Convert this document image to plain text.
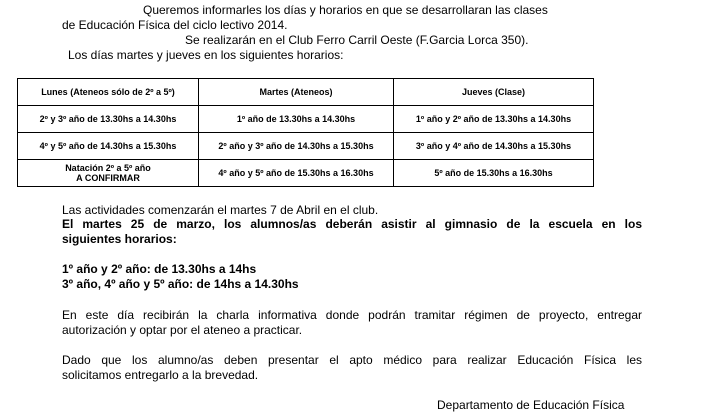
Queremos informarles los días y horarios en que se desarrollaran las clases
de Educación Física del ciclo lectivo 2014.
Se realizarán en el Club Ferro Carril Oeste (F.Garcia Lorca 350).
Los días martes y jueves en los siguientes horarios:
Lunes (Ateneos sólo de 2º a 5º)	Martes (Ateneos)	Jueves (Clase)
2º y 3º año de 13.30hs a 14.30hs	1º año de 13.30hs a 14.30hs	1º año y 2º año de 13.30hs a 14.30hs
4º y 5º año de 14.30hs a 15.30hs	2º año y 3º año de 14.30hs a 15.30hs	3º año y 4º año de 14.30hs a 15.30hs

Natación 2º a 5º año
A CONFIRMAR	4º año y 5º año de 15.30hs a 16.30hs	5º año de 15.30hs a 16.30hs
Las actividades comenzarán el martes 7 de Abril en el club.
El martes 25 de marzo, los alumnos/as deberán asistir al gimnasio de la escuela en los
siguientes horarios:
1º año y 2º año: de 13.30hs a 14hs
3º año, 4º año y 5º año: de 14hs a 14.30hs
En este día recibirán la charla informativa donde podrán tramitar régimen de proyecto, entregar
autorización y optar por el ateneo a practicar.
Dado que los alumno/as deben presentar el apto médico para realizar Educación Física les
solicitamos entregarlo a la brevedad.
Departamento de Educación Física
